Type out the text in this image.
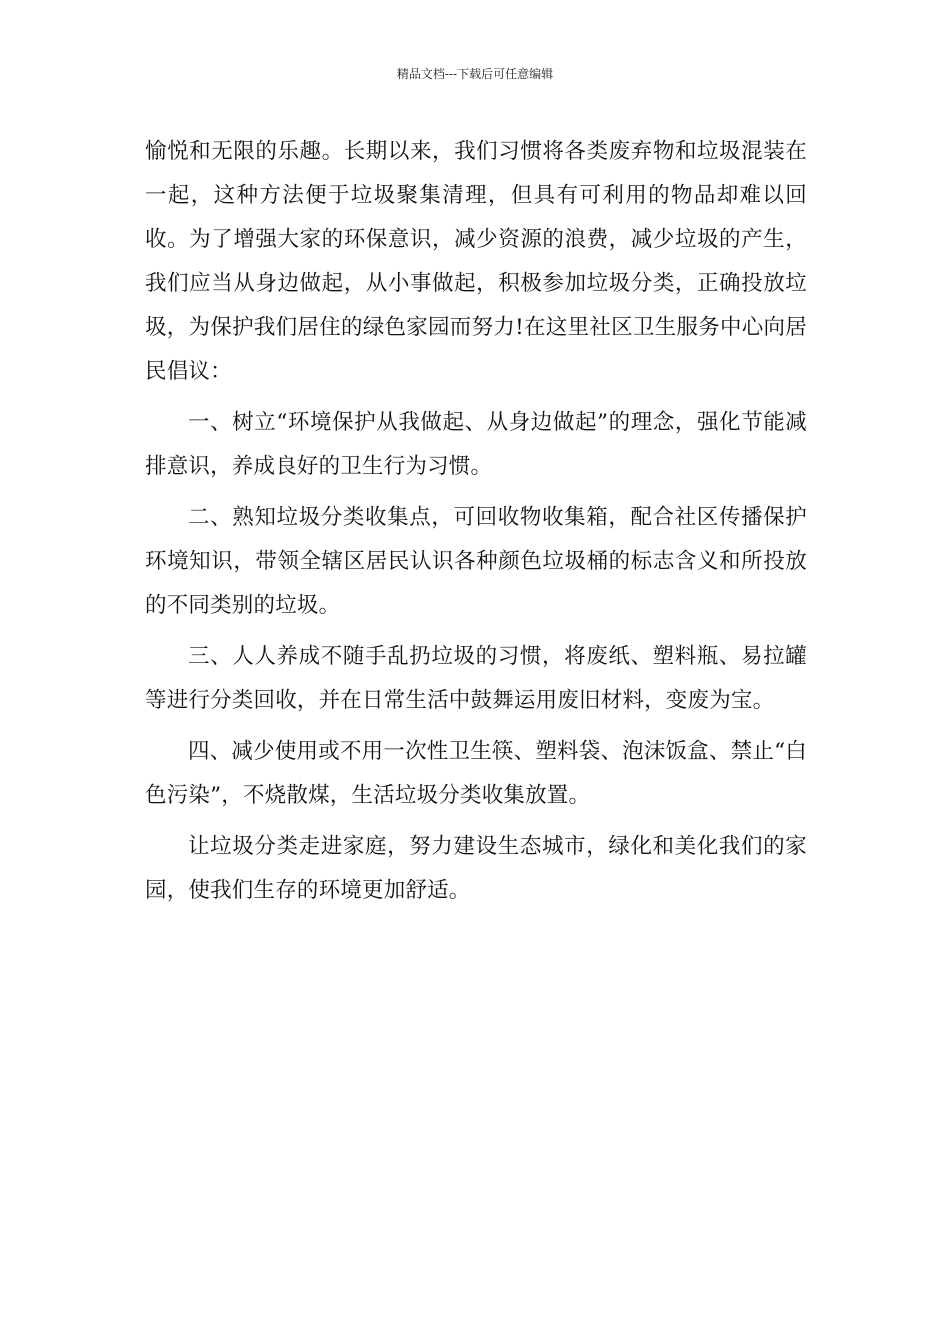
精品文档---下载后可任意编辑

愉悦和无限的乐趣。长期以来，我们习惯将各类废弃物和垃圾混装在一起，这种方法便于垃圾聚集清理，但具有可利用的物品却难以回收。为了增强大家的环保意识，减少资源的浪费，减少垃圾的产生，我们应当从身边做起，从小事做起，积极参加垃圾分类，正确投放垃圾，为保护我们居住的绿色家园而努力!在这里社区卫生服务中心向居民倡议：

一、树立“环境保护从我做起、从身边做起”的理念，强化节能减排意识，养成良好的卫生行为习惯。

二、熟知垃圾分类收集点，可回收物收集箱，配合社区传播保护环境知识，带领全辖区居民认识各种颜色垃圾桶的标志含义和所投放的不同类别的垃圾。

三、人人养成不随手乱扔垃圾的习惯，将废纸、塑料瓶、易拉罐等进行分类回收，并在日常生活中鼓舞运用废旧材料，变废为宝。

四、减少使用或不用一次性卫生筷、塑料袋、泡沫饭盒、禁止“白色污染”，不烧散煤，生活垃圾分类收集放置。

让垃圾分类走进家庭，努力建设生态城市，绿化和美化我们的家园，使我们生存的环境更加舒适。
